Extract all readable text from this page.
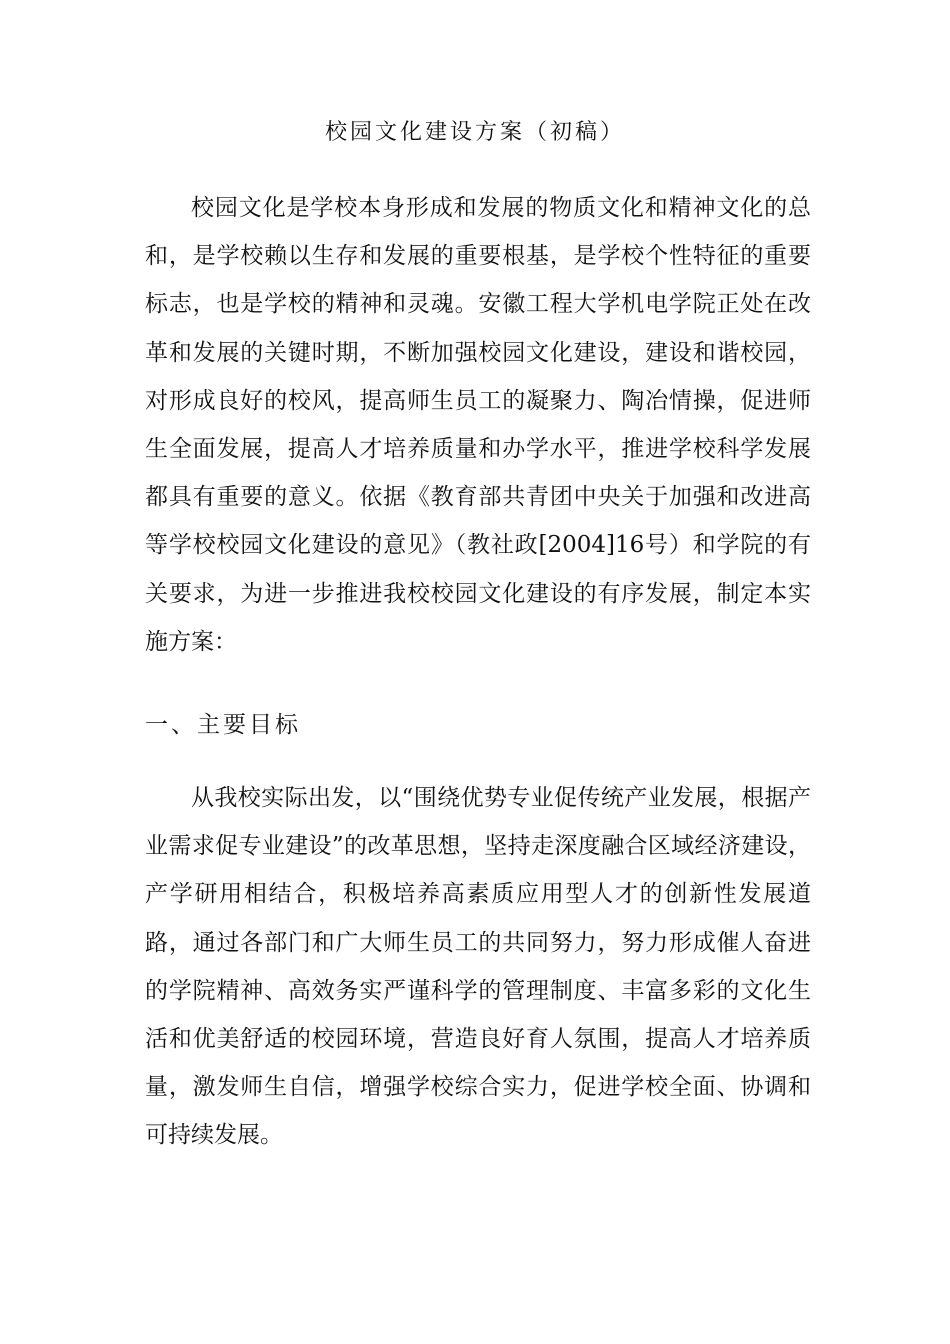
校园文化建设方案（初稿）

校园文化是学校本身形成和发展的物质文化和精神文化的总和，是学校赖以生存和发展的重要根基，是学校个性特征的重要标志，也是学校的精神和灵魂。安徽工程大学机电学院正处在改革和发展的关键时期，不断加强校园文化建设，建设和谐校园，对形成良好的校风，提高师生员工的凝聚力、陶冶情操，促进师生全面发展，提高人才培养质量和办学水平，推进学校科学发展都具有重要的意义。依据《教育部共青团中央关于加强和改进高等学校校园文化建设的意见》（教社政[2004]16号）和学院的有关要求，为进一步推进我校校园文化建设的有序发展，制定本实施方案：

一、主要目标

从我校实际出发，以“围绕优势专业促传统产业发展，根据产业需求促专业建设”的改革思想，坚持走深度融合区域经济建设，产学研用相结合，积极培养高素质应用型人才的创新性发展道路，通过各部门和广大师生员工的共同努力，努力形成催人奋进的学院精神、高效务实严谨科学的管理制度、丰富多彩的文化生活和优美舒适的校园环境，营造良好育人氛围，提高人才培养质量，激发师生自信，增强学校综合实力，促进学校全面、协调和可持续发展。
